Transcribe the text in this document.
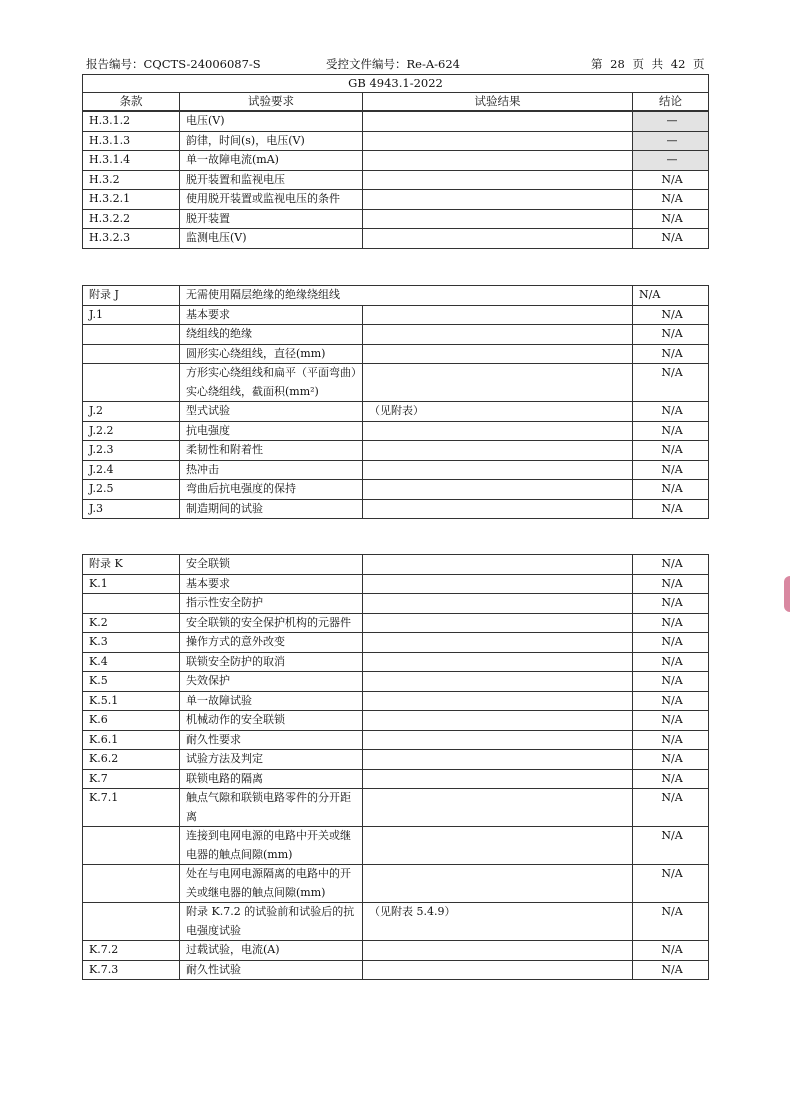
报告编号：CQCTS-24006087-S	受控文件编号：Re-A-624	第 28 页 共 42 页
GB 4943.1-2022
条款	试验要求	试验结果	结论
H.3.1.2	电压(V)		—
H.3.1.3	韵律，时间(s)，电压(V)		—
H.3.1.4	单一故障电流(mA)		—
H.3.2	脱开装置和监视电压		N/A
H.3.2.1	使用脱开装置或监视电压的条件		N/A
H.3.2.2	脱开装置		N/A
H.3.2.3	监测电压(V)		N/A
附录 J	无需使用隔层绝缘的绝缘绕组线		N/A
J.1	基本要求		N/A
	绕组线的绝缘		N/A
	圆形实心绕组线，直径(mm)		N/A
	方形实心绕组线和扁平（平面弯曲）实心绕组线，截面积(mm²)		N/A
J.2	型式试验	（见附表）	N/A
J.2.2	抗电强度		N/A
J.2.3	柔韧性和附着性		N/A
J.2.4	热冲击		N/A
J.2.5	弯曲后抗电强度的保持		N/A
J.3	制造期间的试验		N/A
附录 K	安全联锁		N/A
K.1	基本要求		N/A
	指示性安全防护		N/A
K.2	安全联锁的安全保护机构的元器件		N/A
K.3	操作方式的意外改变		N/A
K.4	联锁安全防护的取消		N/A
K.5	失效保护		N/A
K.5.1	单一故障试验		N/A
K.6	机械动作的安全联锁		N/A
K.6.1	耐久性要求		N/A
K.6.2	试验方法及判定		N/A
K.7	联锁电路的隔离		N/A
K.7.1	触点气隙和联锁电路零件的分开距离		N/A
	连接到电网电源的电路中开关或继电器的触点间隙(mm)		N/A
	处在与电网电源隔离的电路中的开关或继电器的触点间隙(mm)		N/A
	附录 K.7.2 的试验前和试验后的抗电强度试验	（见附表 5.4.9）	N/A
K.7.2	过载试验，电流(A)		N/A
K.7.3	耐久性试验		N/A
